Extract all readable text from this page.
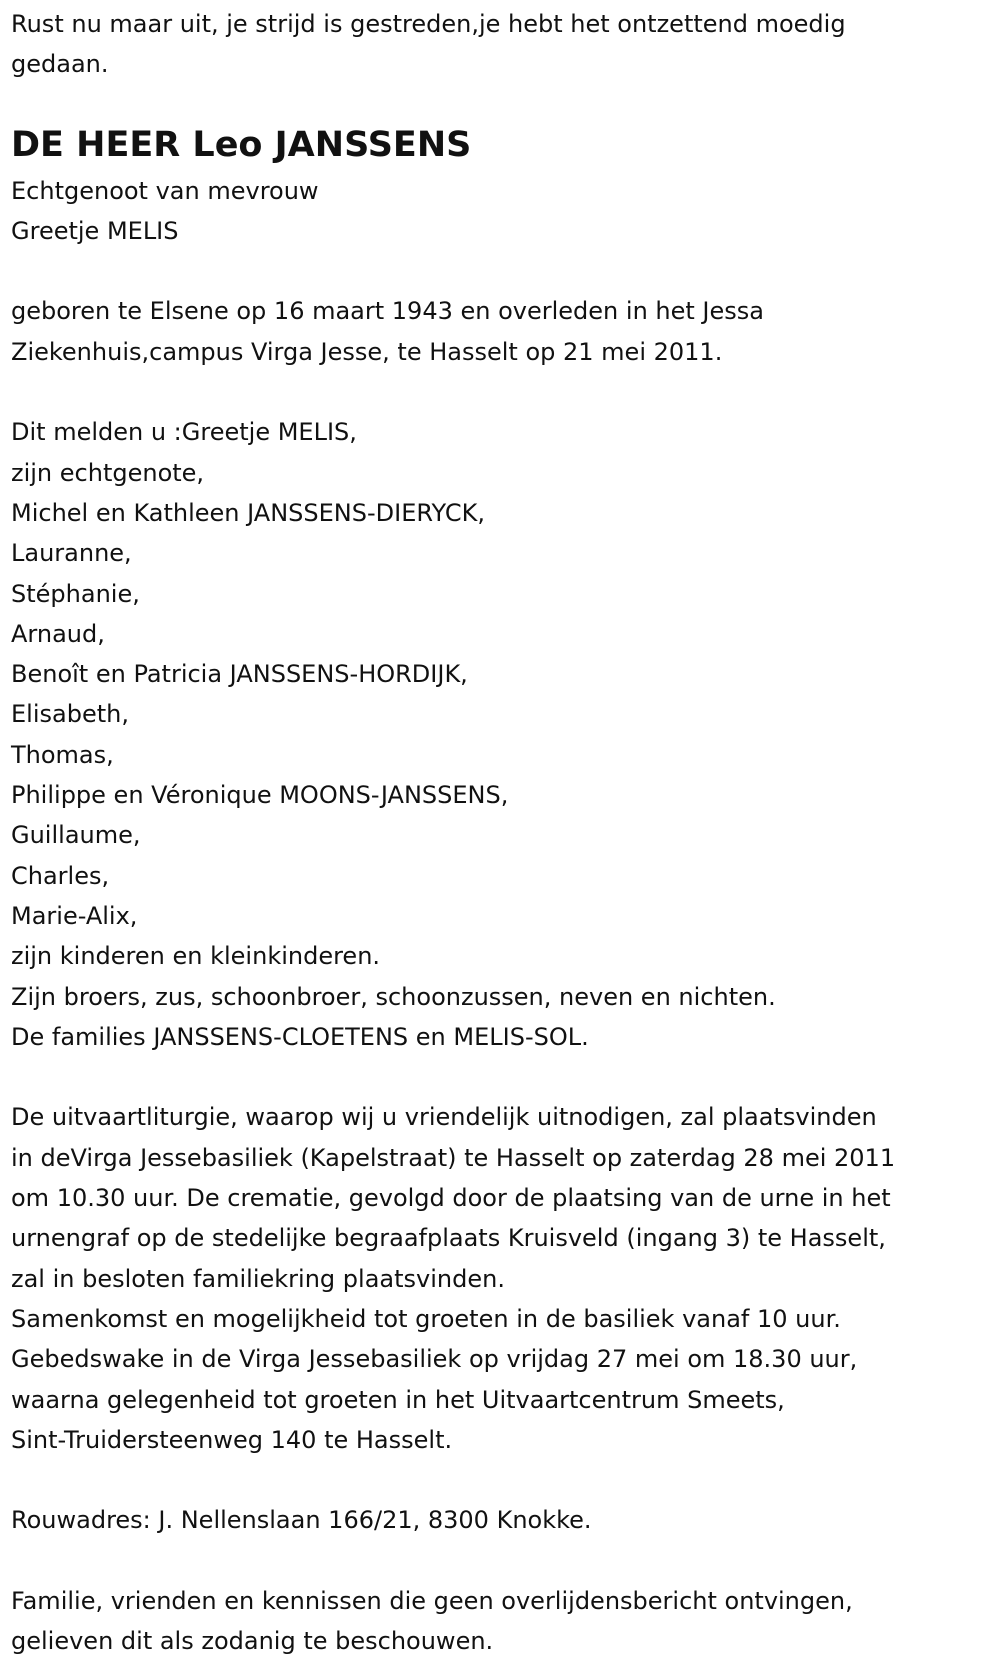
Rust nu maar uit, je strijd is gestreden,je hebt het ontzettend moedig

gedaan.

DE HEER Leo JANSSENS

Echtgenoot van mevrouw

Greetje MELIS

geboren te Elsene op 16 maart 1943 en overleden in het Jessa

Ziekenhuis,campus Virga Jesse, te Hasselt op 21 mei 2011.

Dit melden u :Greetje MELIS,

zijn echtgenote,

Michel en Kathleen JANSSENS-DIERYCK,

Lauranne,

Stéphanie,

Arnaud,

Benoît en Patricia JANSSENS-HORDIJK,

Elisabeth,

Thomas,

Philippe en Véronique MOONS-JANSSENS,

Guillaume,

Charles,

Marie-Alix,

zijn kinderen en kleinkinderen.

Zijn broers, zus, schoonbroer, schoonzussen, neven en nichten.

De families JANSSENS-CLOETENS en MELIS-SOL.

De uitvaartliturgie, waarop wij u vriendelijk uitnodigen, zal plaatsvinden

in deVirga Jessebasiliek (Kapelstraat) te Hasselt op zaterdag 28 mei 2011

om 10.30 uur. De crematie, gevolgd door de plaatsing van de urne in het

urnengraf op de stedelijke begraafplaats Kruisveld (ingang 3) te Hasselt,

zal in besloten familiekring plaatsvinden.

Samenkomst en mogelijkheid tot groeten in de basiliek vanaf 10 uur.

Gebedswake in de Virga Jessebasiliek op vrijdag 27 mei om 18.30 uur,

waarna gelegenheid tot groeten in het Uitvaartcentrum Smeets,

Sint-Truidersteenweg 140 te Hasselt.

Rouwadres: J. Nellenslaan 166/21, 8300 Knokke.

Familie, vrienden en kennissen die geen overlijdensbericht ontvingen,

gelieven dit als zodanig te beschouwen.
